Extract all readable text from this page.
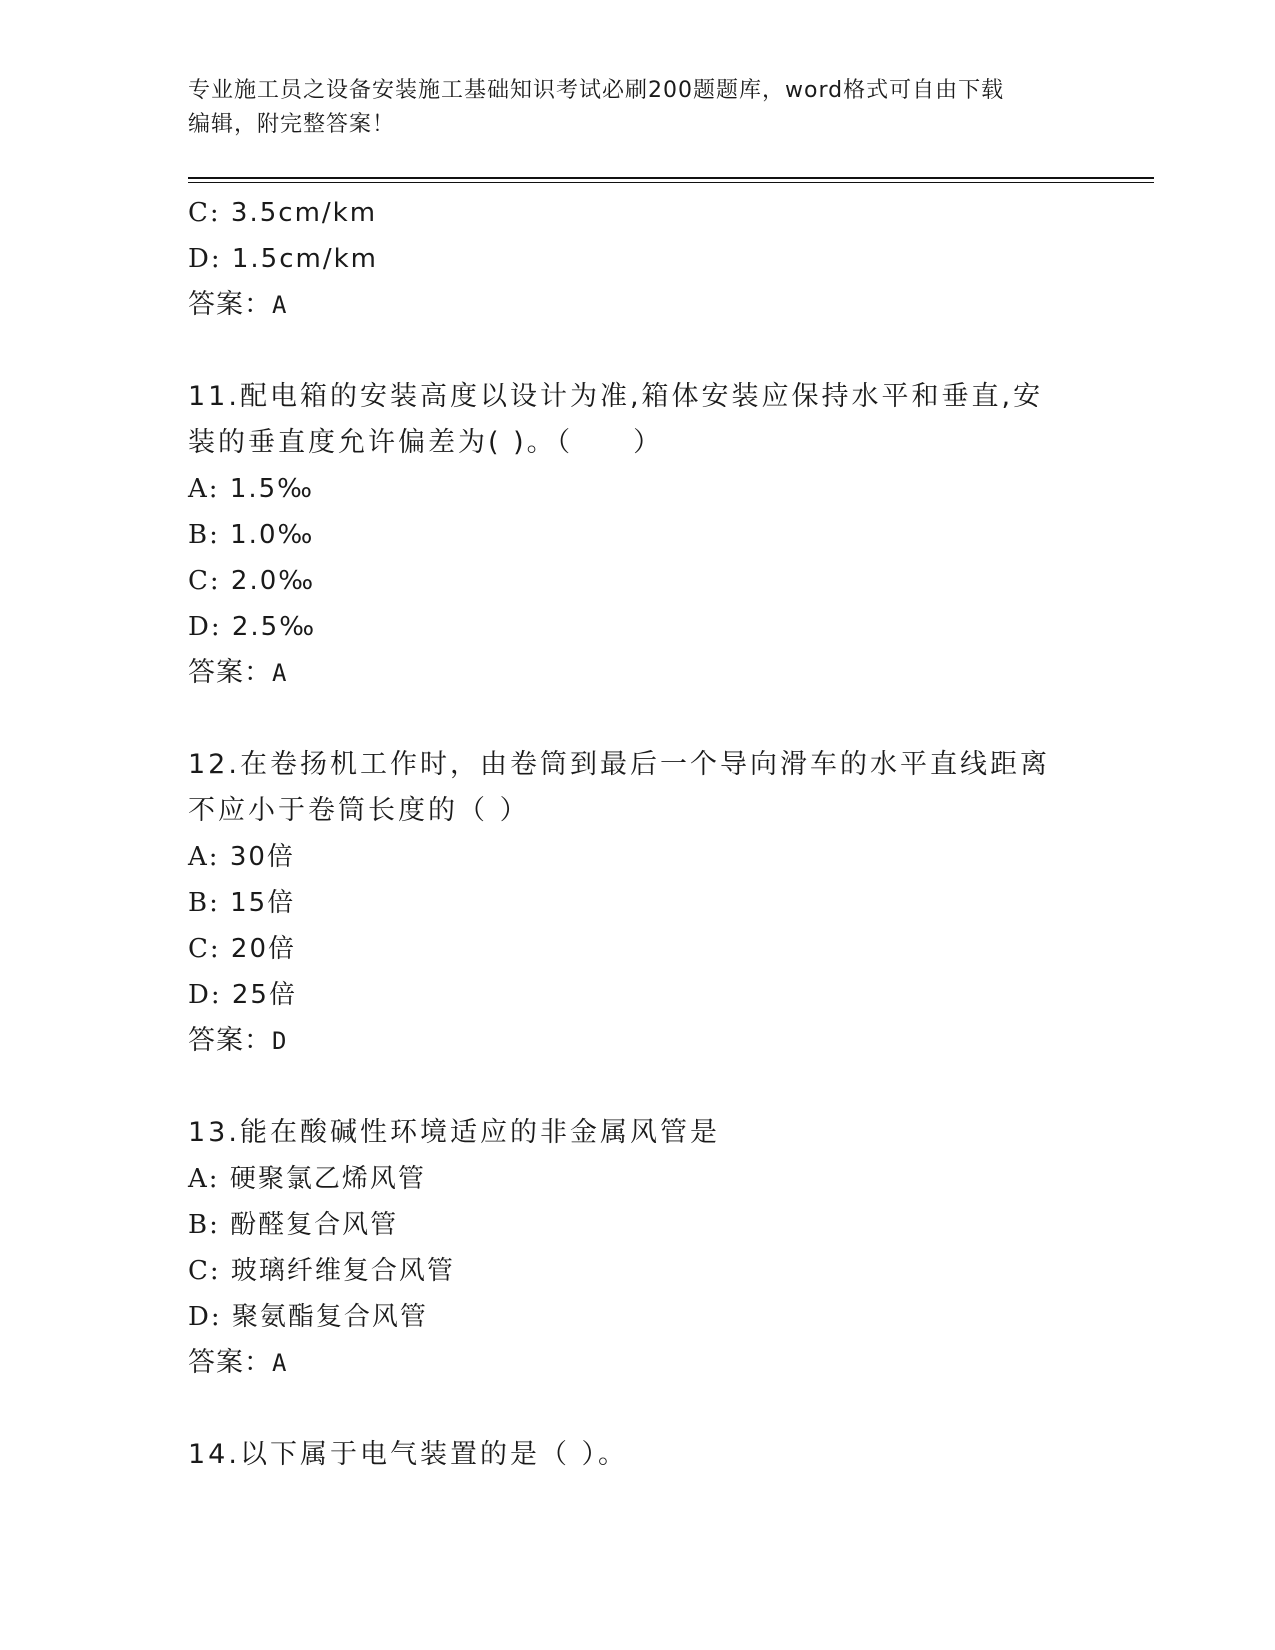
专业施工员之设备安装施工基础知识考试必刷200题题库，word格式可自由下载
编辑，附完整答案！
C: 3.5cm/km
D: 1.5cm/km
答案：A
11.配电箱的安装高度以设计为准,箱体安装应保持水平和垂直,安装的垂直度允许偏差为( )。（　　）
A: 1.5‰
B: 1.0‰
C: 2.0‰
D: 2.5‰
答案：A
12.在卷扬机工作时，由卷筒到最后一个导向滑车的水平直线距离不应小于卷筒长度的（ ）
A: 30倍
B: 15倍
C: 20倍
D: 25倍
答案：D
13.能在酸碱性环境适应的非金属风管是
A: 硬聚氯乙烯风管
B: 酚醛复合风管
C: 玻璃纤维复合风管
D: 聚氨酯复合风管
答案：A
14.以下属于电气装置的是（ ）。
